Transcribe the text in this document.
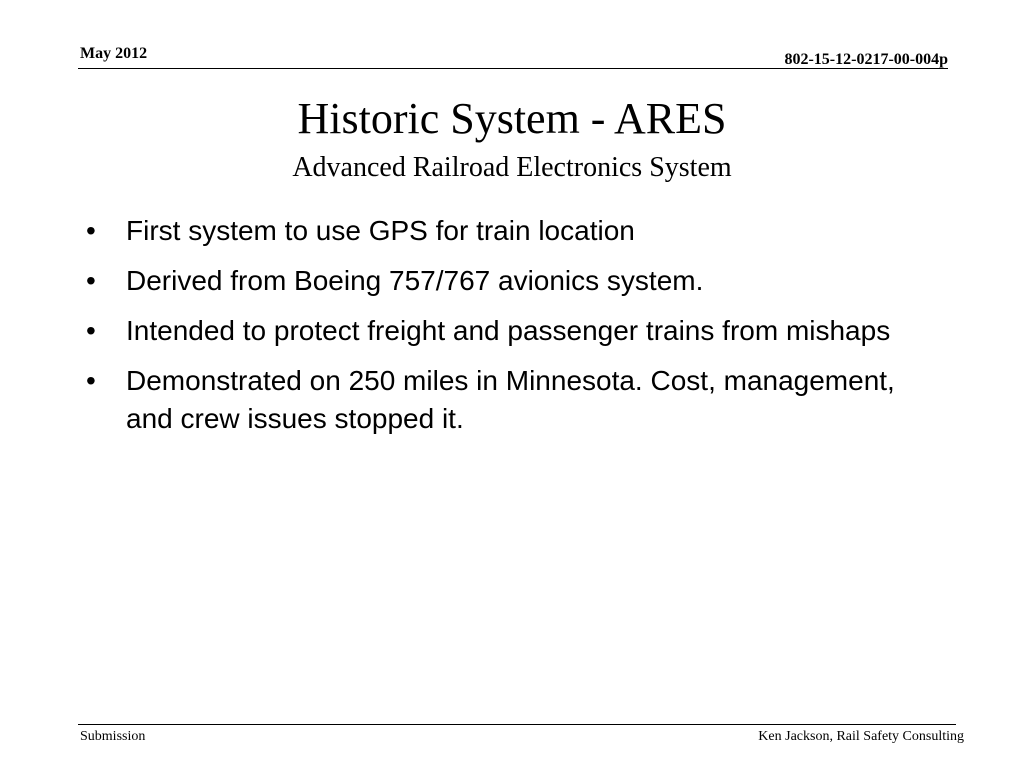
May 2012	802-15-12-0217-00-004p
Historic System - ARES
Advanced Railroad Electronics System
• First system to use GPS for train location
• Derived from Boeing 757/767 avionics system.
• Intended to protect freight and passenger trains from mishaps
• Demonstrated on 250 miles in Minnesota. Cost, management, and crew issues stopped it.
Submission	Ken Jackson, Rail Safety Consulting
